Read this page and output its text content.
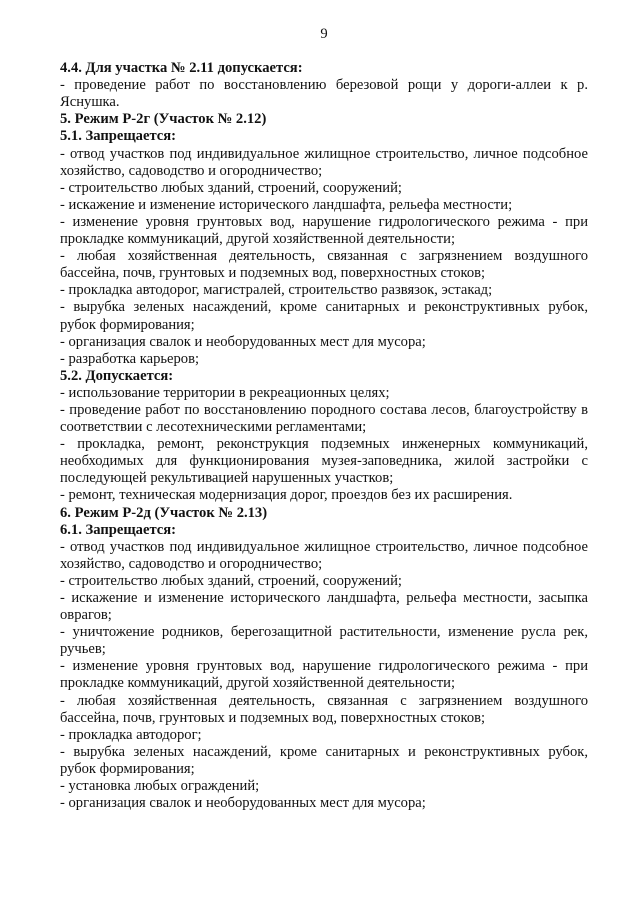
9
4.4. Для участка № 2.11 допускается:
- проведение работ по восстановлению березовой рощи у дороги-аллеи к р. Яснушка.
5. Режим Р-2г (Участок № 2.12)
5.1. Запрещается:
- отвод участков под индивидуальное жилищное строительство, личное подсобное хозяйство, садоводство и огородничество;
- строительство любых зданий, строений, сооружений;
- искажение и изменение исторического ландшафта, рельефа местности;
- изменение уровня грунтовых вод, нарушение гидрологического режима - при прокладке коммуникаций, другой хозяйственной деятельности;
- любая хозяйственная деятельность, связанная с загрязнением воздушного бассейна, почв, грунтовых и подземных вод, поверхностных стоков;
- прокладка автодорог, магистралей, строительство развязок, эстакад;
- вырубка зеленых насаждений, кроме санитарных и реконструктивных рубок, рубок формирования;
- организация свалок и необорудованных мест для мусора;
- разработка карьеров;
5.2. Допускается:
- использование территории в рекреационных целях;
- проведение работ по восстановлению породного состава лесов, благоустройству в соответствии с лесотехническими регламентами;
- прокладка, ремонт, реконструкция подземных инженерных коммуникаций, необходимых для функционирования музея-заповедника, жилой застройки с последующей рекультивацией нарушенных участков;
- ремонт, техническая модернизация дорог, проездов без их расширения.
6. Режим Р-2д (Участок № 2.13)
6.1. Запрещается:
- отвод участков под индивидуальное жилищное строительство, личное подсобное хозяйство, садоводство и огородничество;
- строительство любых зданий, строений, сооружений;
- искажение и изменение исторического ландшафта, рельефа местности, засыпка оврагов;
- уничтожение родников, берегозащитной растительности, изменение русла рек, ручьев;
- изменение уровня грунтовых вод, нарушение гидрологического режима - при прокладке коммуникаций, другой хозяйственной деятельности;
- любая хозяйственная деятельность, связанная с загрязнением воздушного бассейна, почв, грунтовых и подземных вод, поверхностных стоков;
- прокладка автодорог;
- вырубка зеленых насаждений, кроме санитарных и реконструктивных рубок, рубок формирования;
- установка любых ограждений;
- организация свалок и необорудованных мест для мусора;
